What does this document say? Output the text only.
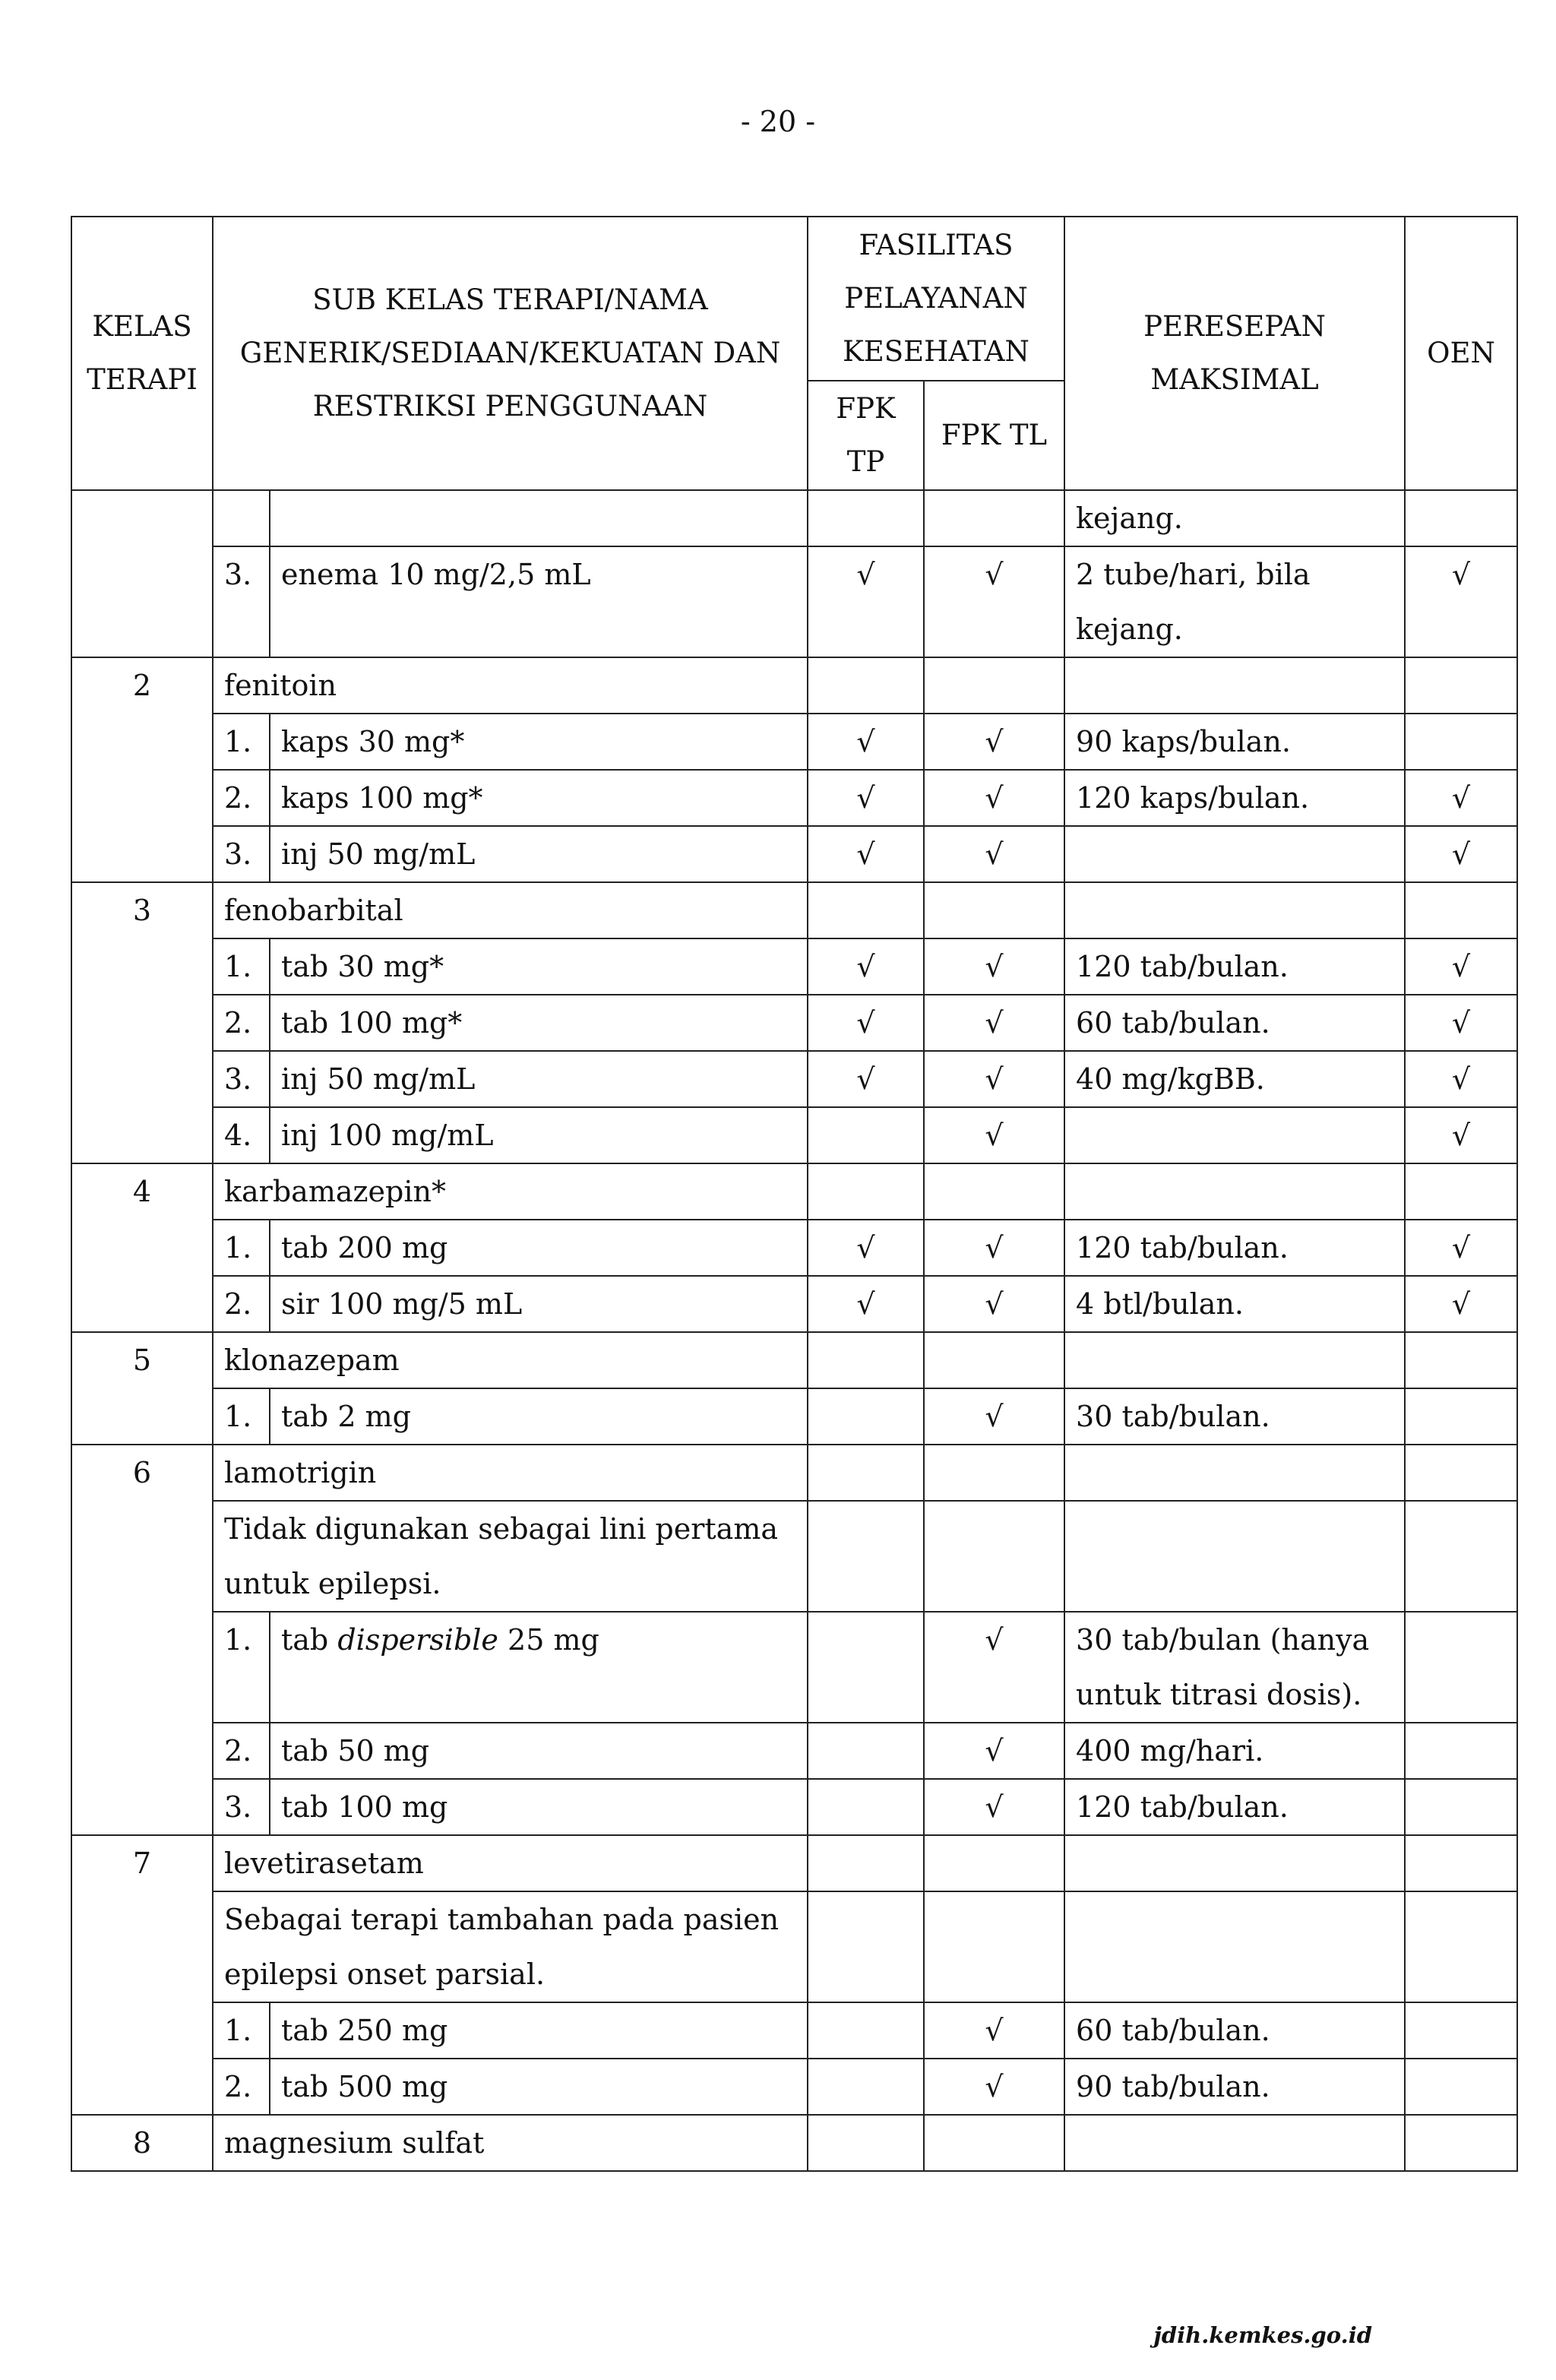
- 20 -
KELAS TERAPI	SUB KELAS TERAPI/NAMA GENERIK/SEDIAAN/KEKUATAN DAN RESTRIKSI PENGGUNAAN		FASILITAS PELAYANAN KESEHATAN		PERESEPAN MAKSIMAL	OEN
			FPK TP	FPK TL		
					kejang.	
	3.	enema 10 mg/2,5 mL	√	√	2 tube/hari, bila kejang.	√
2	fenitoin					
	1.	kaps 30 mg*	√	√	90 kaps/bulan.	
	2.	kaps 100 mg*	√	√	120 kaps/bulan.	√
	3.	inj 50 mg/mL	√	√		√
3	fenobarbital					
	1.	tab 30 mg*	√	√	120 tab/bulan.	√
	2.	tab 100 mg*	√	√	60 tab/bulan.	√
	3.	inj 50 mg/mL	√	√	40 mg/kgBB.	√
	4.	inj 100 mg/mL		√		√
4	karbamazepin*					
	1.	tab 200 mg	√	√	120 tab/bulan.	√
	2.	sir 100 mg/5 mL	√	√	4 btl/bulan.	√
5	klonazepam					
	1.	tab 2 mg		√	30 tab/bulan.	
6	lamotrigin					
	Tidak digunakan sebagai lini pertama untuk epilepsi.					
	1.	tab dispersible 25 mg		√	30 tab/bulan (hanya untuk titrasi dosis).	
	2.	tab 50 mg		√	400 mg/hari.	
	3.	tab 100 mg		√	120 tab/bulan.	
7	levetirasetam					
	Sebagai terapi tambahan pada pasien epilepsi onset parsial.					
	1.	tab 250 mg		√	60 tab/bulan.	
	2.	tab 500 mg		√	90 tab/bulan.	
8	magnesium sulfat					
jdih.kemkes.go.id
